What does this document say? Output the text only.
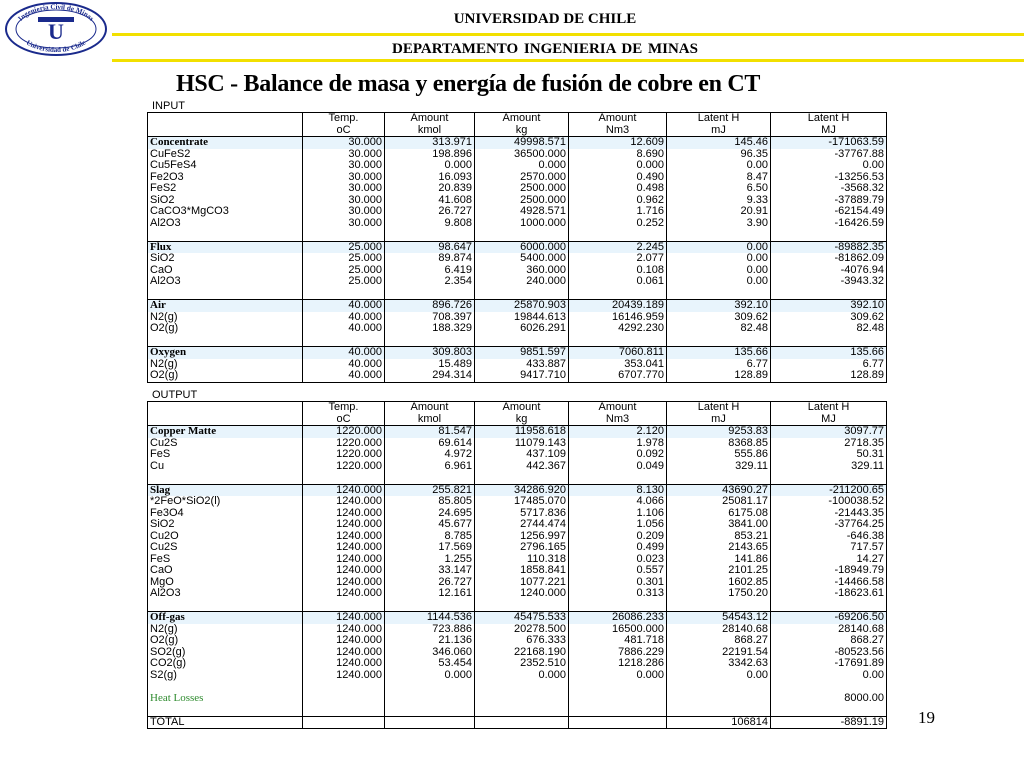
Ingeniería Civil de Minas
Universidad de Chile
U	UNIVERSIDAD DE CHILE
DEPARTAMENTO INGENIERIA DE MINAS
HSC - Balance de masa y energía de fusión de cobre en CT
INPUT
	Temp.	Amount	Amount	Amount	Latent H	Latent H
	oC	kmol	kg	Nm3	mJ	MJ
Concentrate	30.000	313.971	49998.571	12.609	145.46	-171063.59
CuFeS2	30.000	198.896	36500.000	8.690	96.35	-37767.88
Cu5FeS4	30.000	0.000	0.000	0.000	0.00	0.00
Fe2O3	30.000	16.093	2570.000	0.490	8.47	-13256.53
FeS2	30.000	20.839	2500.000	0.498	6.50	-3568.32
SiO2	30.000	41.608	2500.000	0.962	9.33	-37889.79
CaCO3*MgCO3	30.000	26.727	4928.571	1.716	20.91	-62154.49
Al2O3	30.000	9.808	1000.000	0.252	3.90	-16426.59

Flux	25.000	98.647	6000.000	2.245	0.00	-89882.35
SiO2	25.000	89.874	5400.000	2.077	0.00	-81862.09
CaO	25.000	6.419	360.000	0.108	0.00	-4076.94
Al2O3	25.000	2.354	240.000	0.061	0.00	-3943.32

Air	40.000	896.726	25870.903	20439.189	392.10	392.10
N2(g)	40.000	708.397	19844.613	16146.959	309.62	309.62
O2(g)	40.000	188.329	6026.291	4292.230	82.48	82.48

Oxygen	40.000	309.803	9851.597	7060.811	135.66	135.66
N2(g)	40.000	15.489	433.887	353.041	6.77	6.77
O2(g)	40.000	294.314	9417.710	6707.770	128.89	128.89
OUTPUT
	Temp.	Amount	Amount	Amount	Latent H	Latent H
	oC	kmol	kg	Nm3	mJ	MJ
Copper Matte	1220.000	81.547	11958.618	2.120	9253.83	3097.77
Cu2S	1220.000	69.614	11079.143	1.978	8368.85	2718.35
FeS	1220.000	4.972	437.109	0.092	555.86	50.31
Cu	1220.000	6.961	442.367	0.049	329.11	329.11

Slag	1240.000	255.821	34286.920	8.130	43690.27	-211200.65
*2FeO*SiO2(l)	1240.000	85.805	17485.070	4.066	25081.17	-100038.52
Fe3O4	1240.000	24.695	5717.836	1.106	6175.08	-21443.35
SiO2	1240.000	45.677	2744.474	1.056	3841.00	-37764.25
Cu2O	1240.000	8.785	1256.997	0.209	853.21	-646.38
Cu2S	1240.000	17.569	2796.165	0.499	2143.65	717.57
FeS	1240.000	1.255	110.318	0.023	141.86	14.27
CaO	1240.000	33.147	1858.841	0.557	2101.25	-18949.79
MgO	1240.000	26.727	1077.221	0.301	1602.85	-14466.58
Al2O3	1240.000	12.161	1240.000	0.313	1750.20	-18623.61

Off-gas	1240.000	1144.536	45475.533	26086.233	54543.12	-69206.50
N2(g)	1240.000	723.886	20278.500	16500.000	28140.68	28140.68
O2(g)	1240.000	21.136	676.333	481.718	868.27	868.27
SO2(g)	1240.000	346.060	22168.190	7886.229	22191.54	-80523.56
CO2(g)	1240.000	53.454	2352.510	1218.286	3342.63	-17691.89
S2(g)	1240.000	0.000	0.000	0.000	0.00	0.00

Heat Losses						8000.00

TOTAL					106814	-8891.19 19
